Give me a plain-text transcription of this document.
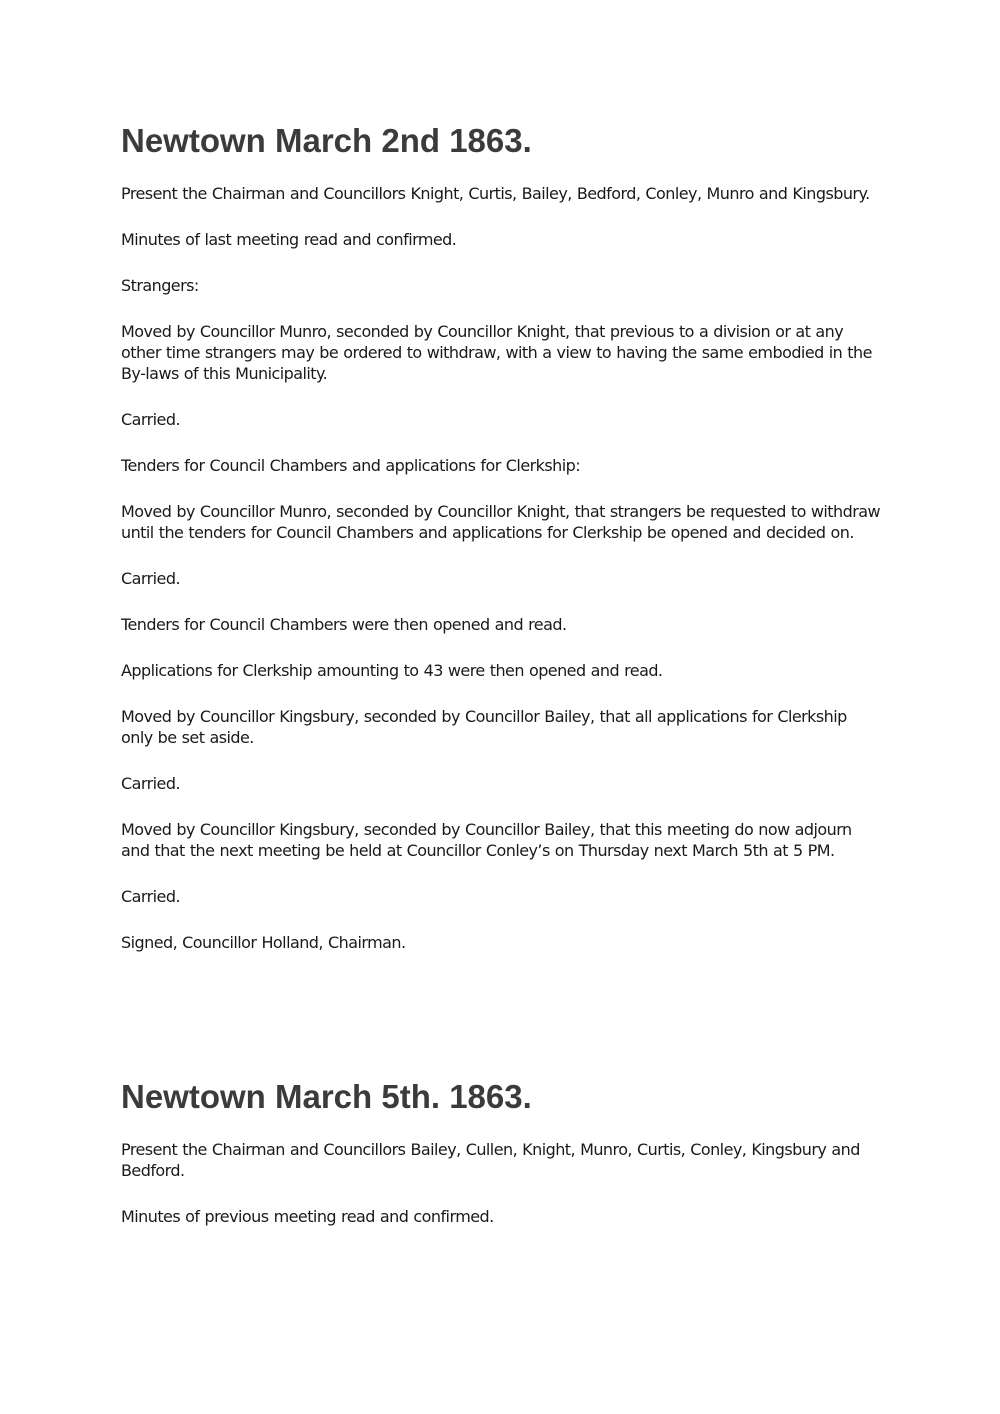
Newtown March 2nd 1863.

Present the Chairman and Councillors Knight, Curtis, Bailey, Bedford, Conley, Munro and Kingsbury.

Minutes of last meeting read and confirmed.

Strangers:

Moved by Councillor Munro, seconded by Councillor Knight, that previous to a division or at any other time strangers may be ordered to withdraw, with a view to having the same embodied in the By-laws of this Municipality.

Carried.

Tenders for Council Chambers and applications for Clerkship:

Moved by Councillor Munro, seconded by Councillor Knight, that strangers be requested to withdraw until the tenders for Council Chambers and applications for Clerkship be opened and decided on.

Carried.

Tenders for Council Chambers were then opened and read.

Applications for Clerkship amounting to 43 were then opened and read.

Moved by Councillor Kingsbury, seconded by Councillor Bailey, that all applications for Clerkship only be set aside.

Carried.

Moved by Councillor Kingsbury, seconded by Councillor Bailey, that this meeting do now adjourn and that the next meeting be held at Councillor Conley’s on Thursday next March 5th at 5 PM.

Carried.

Signed, Councillor Holland, Chairman.

Newtown March 5th. 1863.

Present the Chairman and Councillors Bailey, Cullen, Knight, Munro, Curtis, Conley, Kingsbury and Bedford.

Minutes of previous meeting read and confirmed.
